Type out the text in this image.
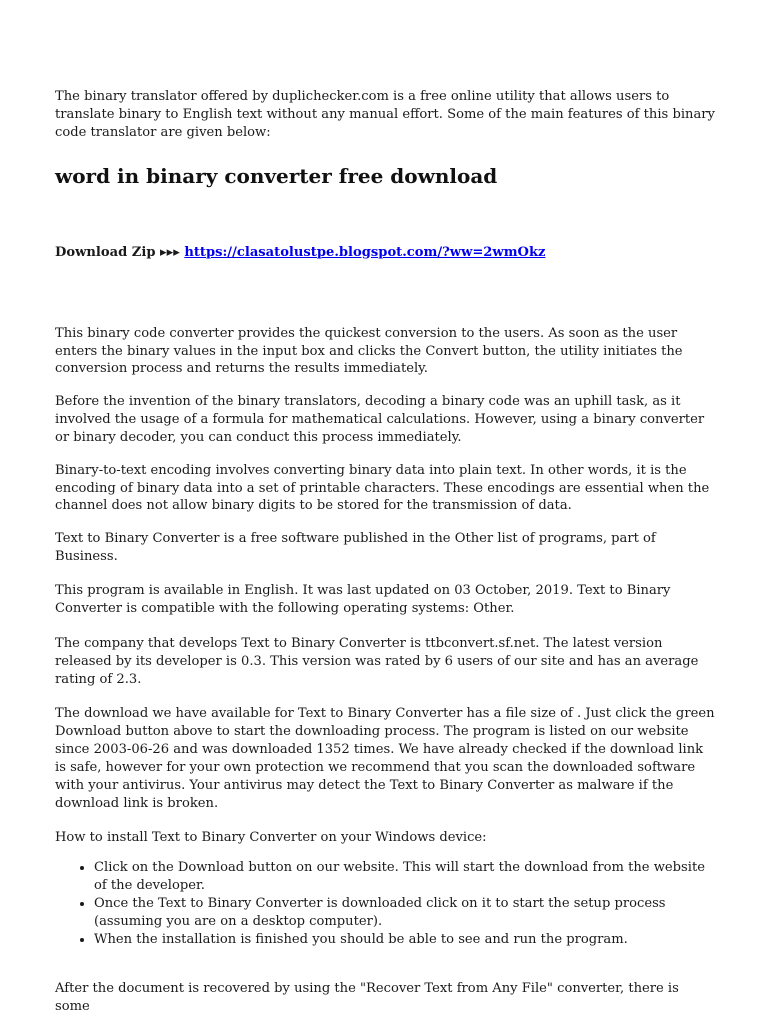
The binary translator offered by duplichecker.com is a free online utility that allows users to translate binary to English text without any manual effort. Some of the main features of this binary code translator are given below:

word in binary converter free download
Download Zip ▸▸▸ https://clasatolustpe.blogspot.com/?ww=2wmOkz

This binary code converter provides the quickest conversion to the users. As soon as the user enters the binary values in the input box and clicks the Convert button, the utility initiates the conversion process and returns the results immediately.

Before the invention of the binary translators, decoding a binary code was an uphill task, as it involved the usage of a formula for mathematical calculations. However, using a binary converter or binary decoder, you can conduct this process immediately.

Binary-to-text encoding involves converting binary data into plain text. In other words, it is the encoding of binary data into a set of printable characters. These encodings are essential when the channel does not allow binary digits to be stored for the transmission of data.

Text to Binary Converter is a free software published in the Other list of programs, part of Business.

This program is available in English. It was last updated on 03 October, 2019. Text to Binary Converter is compatible with the following operating systems: Other.

The company that develops Text to Binary Converter is ttbconvert.sf.net. The latest version released by its developer is 0.3. This version was rated by 6 users of our site and has an average rating of 2.3.

The download we have available for Text to Binary Converter has a file size of . Just click the green Download button above to start the downloading process. The program is listed on our website since 2003-06-26 and was downloaded 1352 times. We have already checked if the download link is safe, however for your own protection we recommend that you scan the downloaded software with your antivirus. Your antivirus may detect the Text to Binary Converter as malware if the download link is broken.

How to install Text to Binary Converter on your Windows device:

• Click on the Download button on our website. This will start the download from the website of the developer.
• Once the Text to Binary Converter is downloaded click on it to start the setup process (assuming you are on a desktop computer).
• When the installation is finished you should be able to see and run the program.

After the document is recovered by using the "Recover Text from Any File" converter, there is some
